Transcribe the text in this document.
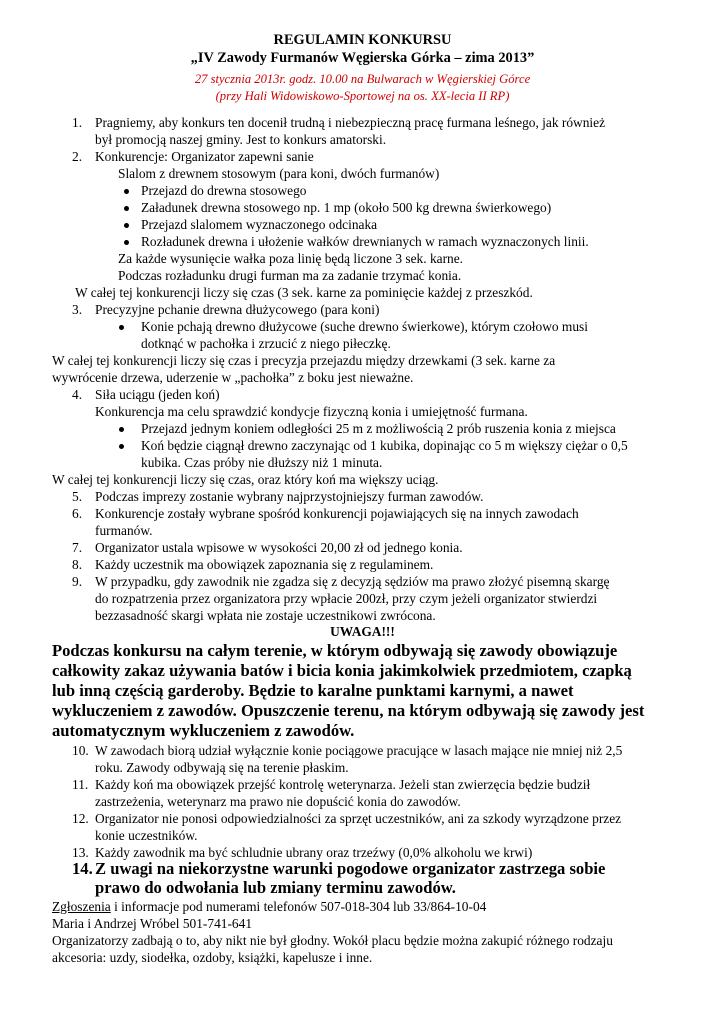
REGULAMIN KONKURSU
„IV Zawody Furmanów Węgierska Górka – zima 2013”
27 stycznia 2013r. godz. 10.00 na Bulwarach w Węgierskiej Górce
(przy Hali Widowiskowo-Sportowej na os. XX-lecia II RP)
1. Pragniemy, aby konkurs ten docenił trudną i niebezpieczną pracę furmana leśnego, jak również
był promocją naszej gminy. Jest to konkurs amatorski.
2. Konkurencje: Organizator zapewni sanie
Slalom z drewnem stosowym (para koni, dwóch furmanów)
Przejazd do drewna stosowego
Załadunek drewna stosowego np. 1 mp (około 500 kg drewna świerkowego)
Przejazd slalomem wyznaczonego odcinaka
Rozładunek drewna i ułożenie wałków drewnianych w ramach wyznaczonych linii.
Za każde wysunięcie wałka poza linię będą liczone 3 sek. karne.
Podczas rozładunku drugi furman ma za zadanie trzymać konia.
W całej tej konkurencji liczy się czas (3 sek. karne za pominięcie każdej z przeszkód.
3. Precyzyjne pchanie drewna dłużycowego (para koni)
Konie pchają drewno dłużycowe (suche drewno świerkowe), którym czołowo musi
dotknąć w pachołka i zrzucić z niego piłeczkę.
W całej tej konkurencji liczy się czas i precyzja przejazdu między drzewkami (3 sek. karne za
wywrócenie drzewa, uderzenie w „pachołka” z boku jest nieważne.
4. Siła uciągu (jeden koń)
Konkurencja ma celu sprawdzić kondycje fizyczną konia i umiejętność furmana.
Przejazd jednym koniem odległości 25 m z możliwością 2 prób ruszenia konia z miejsca
Koń będzie ciągnął drewno zaczynając od 1 kubika, dopinając co 5 m większy ciężar o 0,5
kubika. Czas próby nie dłuższy niż 1 minuta.
W całej tej konkurencji liczy się czas, oraz który koń ma większy uciąg.
5. Podczas imprezy zostanie wybrany najprzystojniejszy furman zawodów.
6. Konkurencje zostały wybrane spośród konkurencji pojawiających się na innych zawodach
furmanów.
7. Organizator ustala wpisowe w wysokości 20,00 zł od jednego konia.
8. Każdy uczestnik ma obowiązek zapoznania się z regulaminem.
9. W przypadku, gdy zawodnik nie zgadza się z decyzją sędziów ma prawo złożyć pisemną skargę
do rozpatrzenia przez organizatora przy wpłacie 200zł, przy czym jeżeli organizator stwierdzi
bezzasadność skargi wpłata nie zostaje uczestnikowi zwrócona.
UWAGA!!!
Podczas konkursu na całym terenie, w którym odbywają się zawody obowiązuje
całkowity zakaz używania batów i bicia konia jakimkolwiek przedmiotem, czapką
lub inną częścią garderoby. Będzie to karalne punktami karnymi, a nawet
wykluczeniem z zawodów. Opuszczenie terenu, na którym odbywają się zawody jest
automatycznym wykluczeniem z zawodów.
10. W zawodach biorą udział wyłącznie konie pociągowe pracujące w lasach mające nie mniej niż 2,5
roku. Zawody odbywają się na terenie płaskim.
11. Każdy koń ma obowiązek przejść kontrolę weterynarza. Jeżeli stan zwierzęcia będzie budził
zastrzeżenia, weterynarz ma prawo nie dopuścić konia do zawodów.
12. Organizator nie ponosi odpowiedzialności za sprzęt uczestników, ani za szkody wyrządzone przez
konie uczestników.
13. Każdy zawodnik ma być schludnie ubrany oraz trzeźwy (0,0% alkoholu we krwi)
14. Z uwagi na niekorzystne warunki pogodowe organizator zastrzega sobie
prawo do odwołania lub zmiany terminu zawodów.
Zgłoszenia i informacje pod numerami telefonów 507-018-304 lub 33/864-10-04
Maria i Andrzej Wróbel 501-741-641
Organizatorzy zadbają o to, aby nikt nie był głodny. Wokół placu będzie można zakupić różnego rodzaju
akcesoria: uzdy, siodełka, ozdoby, książki, kapelusze i inne.
